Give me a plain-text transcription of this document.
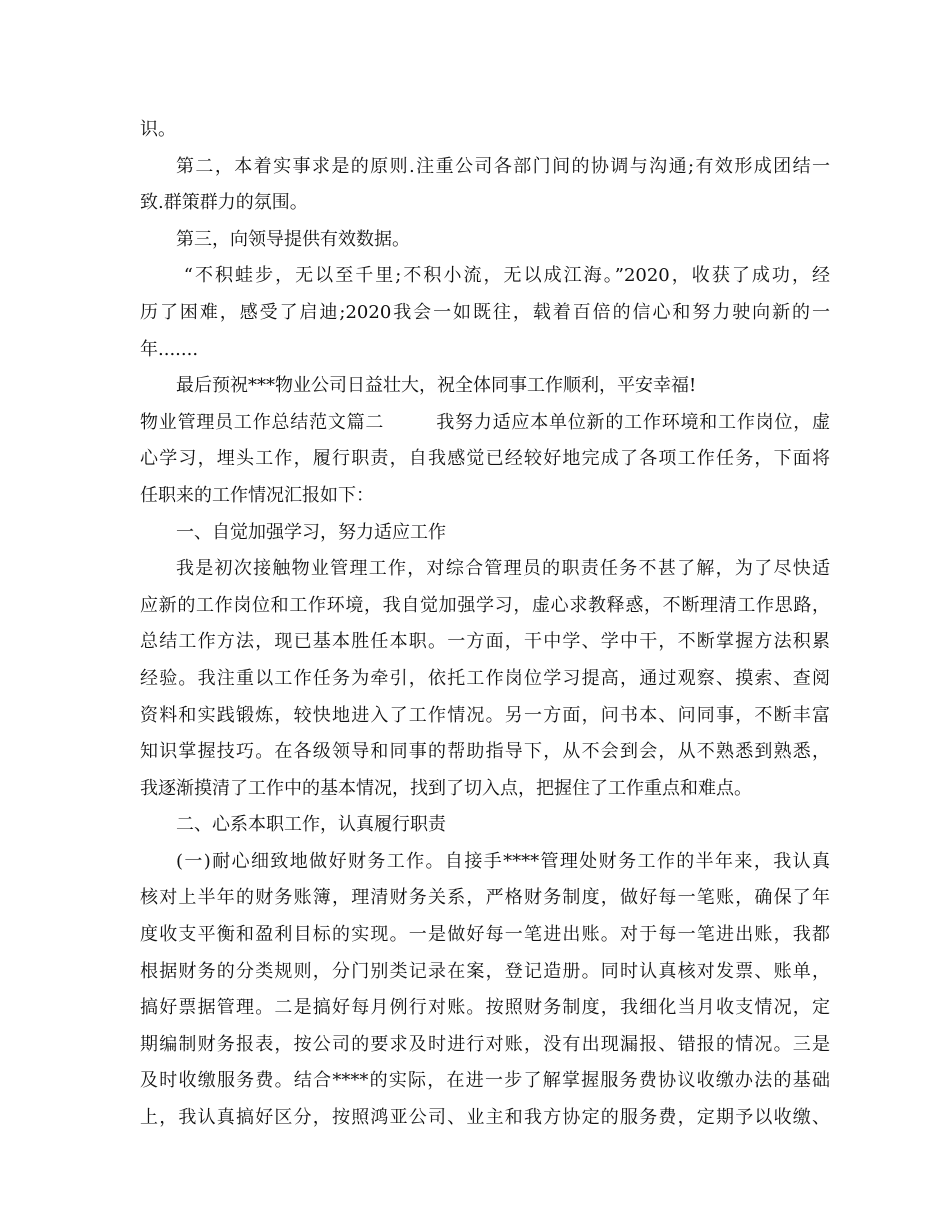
识。
第二，本着实事求是的原则.注重公司各部门间的协调与沟通;有效形成团结一
致.群策群力的氛围。
第三，向领导提供有效数据。
“不积蛙步，无以至千里;不积小流，无以成江海。”2020，收获了成功，经
历了困难，感受了启迪;2020我会一如既往，载着百倍的信心和努力驶向新的一
年.......
最后预祝***物业公司日益壮大，祝全体同事工作顺利，平安幸福!
物业管理员工作总结范文篇二        我努力适应本单位新的工作环境和工作岗位，虚
心学习，埋头工作，履行职责，自我感觉已经较好地完成了各项工作任务，下面将
任职来的工作情况汇报如下：
一、自觉加强学习，努力适应工作
我是初次接触物业管理工作，对综合管理员的职责任务不甚了解，为了尽快适
应新的工作岗位和工作环境，我自觉加强学习，虚心求教释惑，不断理清工作思路，
总结工作方法，现已基本胜任本职。一方面，干中学、学中干，不断掌握方法积累
经验。我注重以工作任务为牵引，依托工作岗位学习提高，通过观察、摸索、查阅
资料和实践锻炼，较快地进入了工作情况。另一方面，问书本、问同事，不断丰富
知识掌握技巧。在各级领导和同事的帮助指导下，从不会到会，从不熟悉到熟悉，
我逐渐摸清了工作中的基本情况，找到了切入点，把握住了工作重点和难点。
二、心系本职工作，认真履行职责
(一)耐心细致地做好财务工作。自接手****管理处财务工作的半年来，我认真
核对上半年的财务账簿，理清财务关系，严格财务制度，做好每一笔账，确保了年
度收支平衡和盈利目标的实现。一是做好每一笔进出账。对于每一笔进出账，我都
根据财务的分类规则，分门别类记录在案，登记造册。同时认真核对发票、账单，
搞好票据管理。二是搞好每月例行对账。按照财务制度，我细化当月收支情况，定
期编制财务报表，按公司的要求及时进行对账，没有出现漏报、错报的情况。三是
及时收缴服务费。结合****的实际，在进一步了解掌握服务费协议收缴办法的基础
上，我认真搞好区分，按照鸿亚公司、业主和我方协定的服务费，定期予以收缴、
